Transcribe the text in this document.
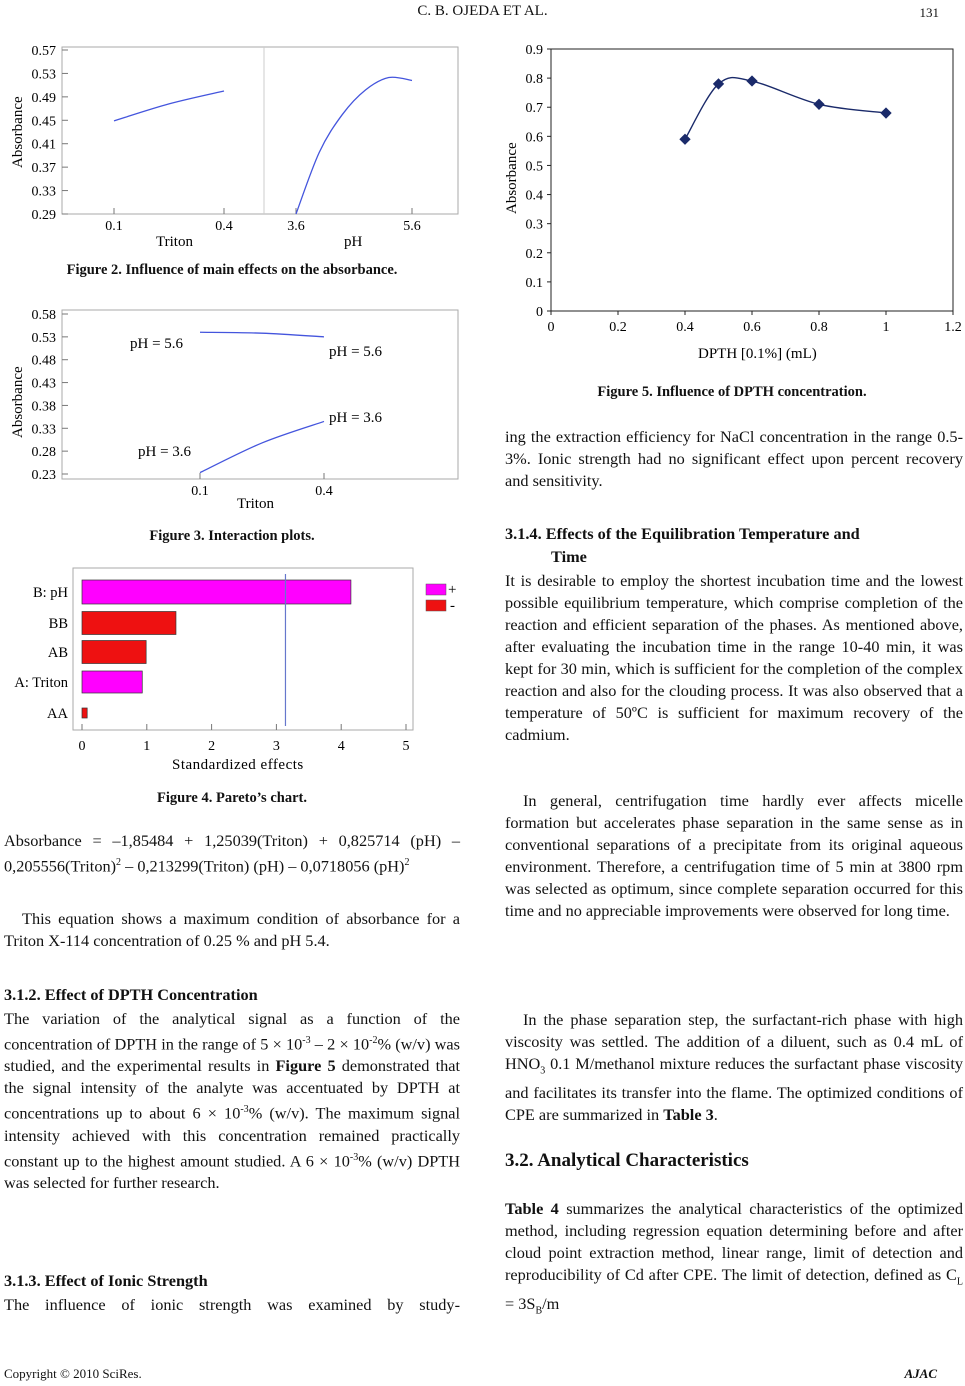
C. B. OJEDA ET AL.	131
0.57
0.53
0.49
0.45
0.41
0.37
0.33
0.29
Absorbance
0.1	0.4	3.6	5.6
Triton	pH
Figure 2. Influence of main effects on the absorbance.
0.58
0.53
0.48
0.43
0.38
0.33
0.28
0.23
Absorbance
0.1	0.4
Triton
pH = 5.6	pH = 5.6
pH = 3.6
pH = 3.6
Figure 3. Interaction plots.
B: pH
BB
AB
A: Triton
AA
0	1	2	3	4	5
Standardized effects
+
-
Figure 4. Pareto’s chart.
Absorbance = –1,85484 + 1,25039(Triton) + 0,825714 (pH) – 0,205556(Triton)$^2$ – 0,213299(Triton) (pH) – 0,0718056 (pH)$^2$
This equation shows a maximum condition of absorbance for a Triton X-114 concentration of 0.25 % and pH 5.4.
3.1.2. Effect of DPTH Concentration
The variation of the analytical signal as a function of the concentration of DPTH in the range of $5 \times 10^{-3} - 2 \times 10^{-2}\%$ (w/v) was studied, and the experimental results in Figure 5 demonstrated that the signal intensity of the analyte was accentuated by DPTH at concentrations up to about $6 \times 10^{-3}\%$ (w/v). The maximum signal intensity achieved with this concentration remained practically constant up to the highest amount studied. A $6 \times 10^{-3}\%$ (w/v) DPTH was selected for further research.
3.1.3. Effect of Ionic Strength
The influence of ionic strength was examined by study-
0
0.1
0.2
0.3
0.4
0.5
0.6
0.7
0.8
0.9
0	0.2	0.4	0.6	0.8	1	1.2
Absorbance
DPTH [0.1%] (mL)
Figure 5. Influence of DPTH concentration.
ing the extraction efficiency for NaCl concentration in the range 0.5-3%. Ionic strength had no significant effect upon percent recovery and sensitivity.
3.1.4. Effects of the Equilibration Temperature and
Time
It is desirable to employ the shortest incubation time and the lowest possible equilibrium temperature, which comprise completion of the reaction and efficient separation of the phases. As mentioned above, after evaluating the incubation time in the range 10-40 min, it was kept for 30 min, which is sufficient for the completion of the complex reaction and also for the clouding process. It was also observed that a temperature of 50ºC is sufficient for maximum recovery of the cadmium.
In general, centrifugation time hardly ever affects micelle formation but accelerates phase separation in the same sense as in conventional separations of a precipitate from its original aqueous environment. Therefore, a centrifugation time of 5 min at 3800 rpm was selected as optimum, since complete separation occurred for this time and no appreciable improvements were observed for long time.
In the phase separation step, the surfactant-rich phase with high viscosity was settled. The addition of a diluent, such as 0.4 mL of $HNO_3$ 0.1 M/methanol mixture reduces the surfactant phase viscosity and facilitates its transfer into the flame. The optimized conditions of CPE are summarized in Table 3.
3.2. Analytical Characteristics
Table 4 summarizes the analytical characteristics of the optimized method, including regression equation determining before and after cloud point extraction method, linear range, limit of detection and reproducibility of Cd after CPE. The limit of detection, defined as $C_L = 3S_B/m$
Copyright © 2010 SciRes.	AJAC
